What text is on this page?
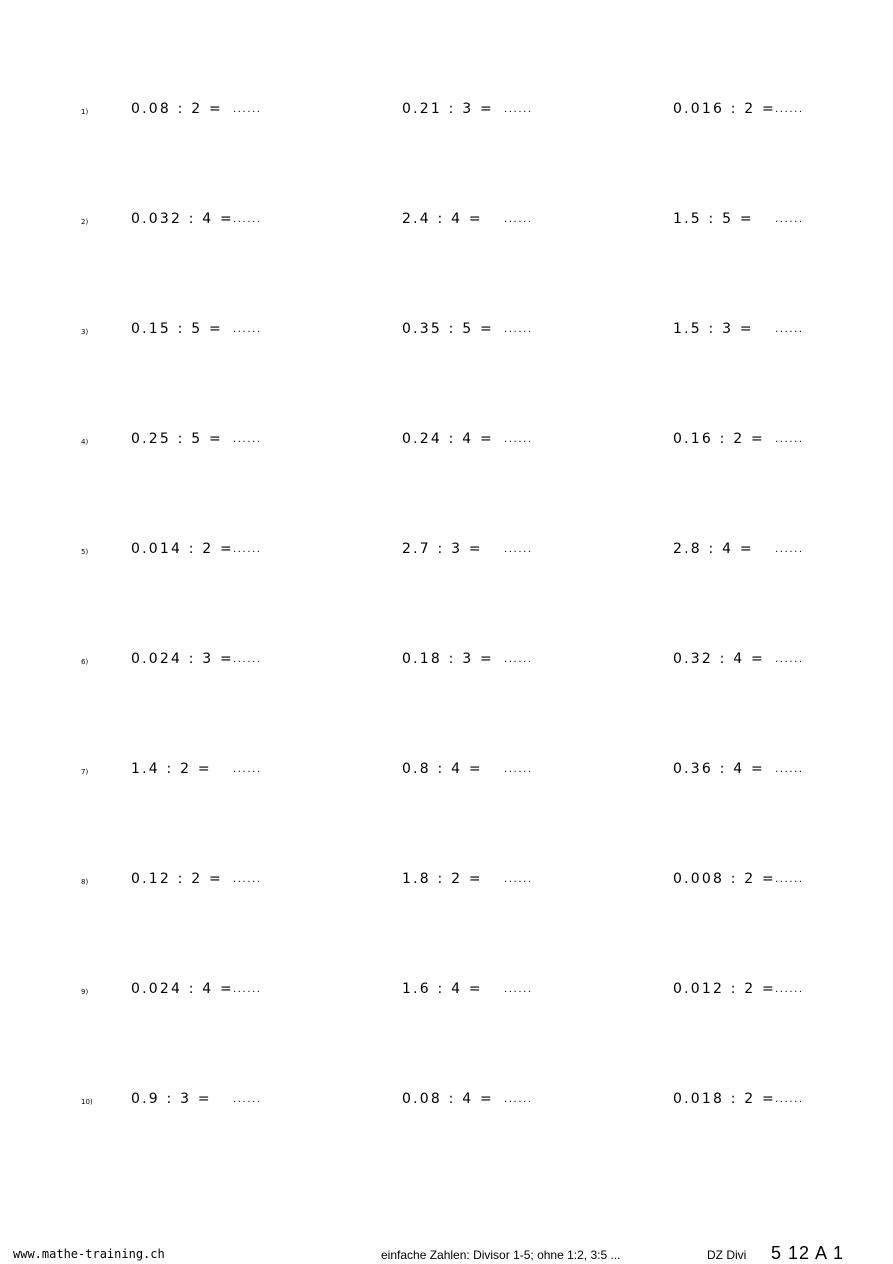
1)	0.08 : 2 = ......	0.21 : 3 = ......	0.016 : 2 = ......
2)	0.032 : 4 = ......	2.4 : 4 = ......	1.5 : 5 = ......
3)	0.15 : 5 = ......	0.35 : 5 = ......	1.5 : 3 = ......
4)	0.25 : 5 = ......	0.24 : 4 = ......	0.16 : 2 = ......
5)	0.014 : 2 = ......	2.7 : 3 = ......	2.8 : 4 = ......
6)	0.024 : 3 = ......	0.18 : 3 = ......	0.32 : 4 = ......
7)	1.4 : 2 = ......	0.8 : 4 = ......	0.36 : 4 = ......
8)	0.12 : 2 = ......	1.8 : 2 = ......	0.008 : 2 = ......
9)	0.024 : 4 = ......	1.6 : 4 = ......	0.012 : 2 = ......
10)	0.9 : 3 = ......	0.08 : 4 = ......	0.018 : 2 = ......
www.mathe-training.ch	einfache Zahlen: Divisor 1-5; ohne 1:2, 3:5 ...	DZ Divi 5 12 A 1
